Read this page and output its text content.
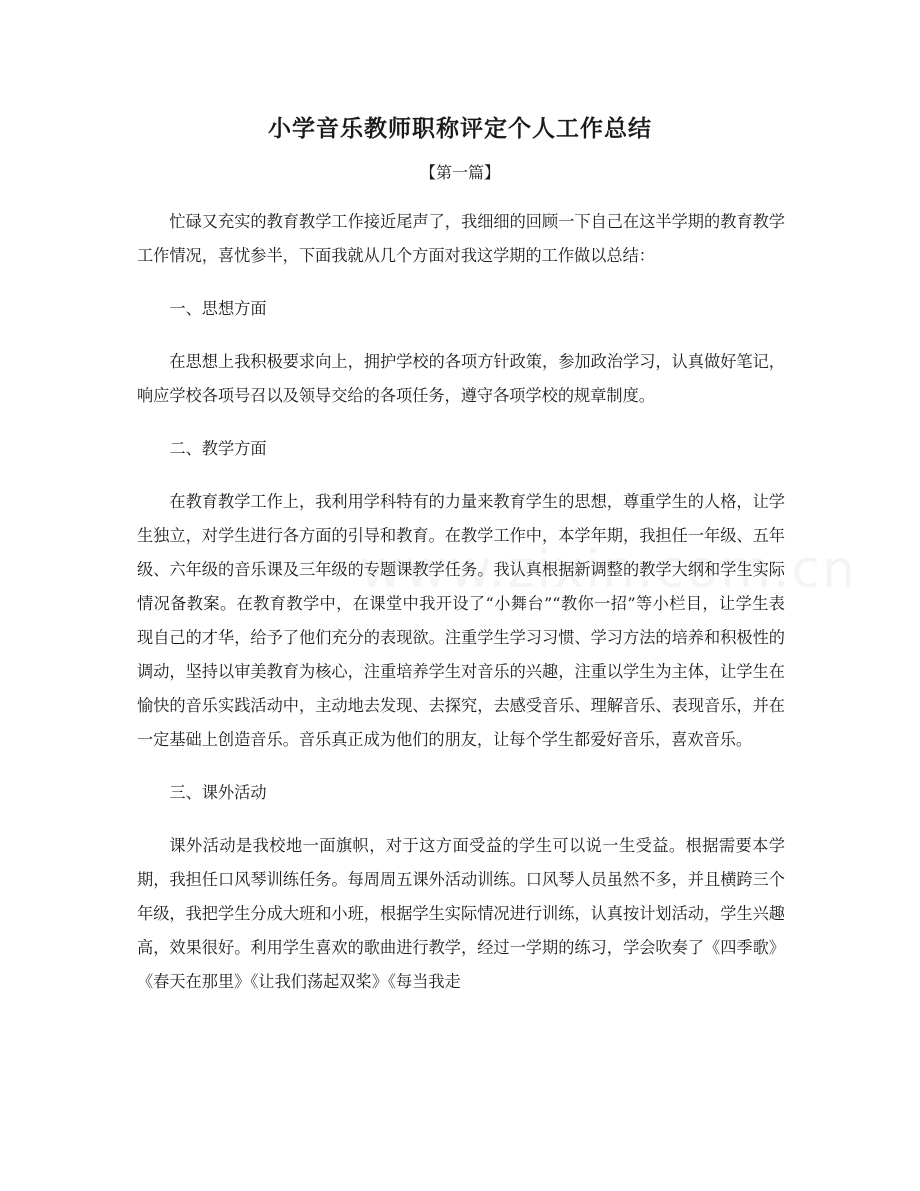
小学音乐教师职称评定个人工作总结
【第一篇】

忙碌又充实的教育教学工作接近尾声了，我细细的回顾一下自己在这半学期的教育教学工作情况，喜忧参半，下面我就从几个方面对我这学期的工作做以总结：

一、思想方面

在思想上我积极要求向上，拥护学校的各项方针政策，参加政治学习，认真做好笔记，响应学校各项号召以及领导交给的各项任务，遵守各项学校的规章制度。

二、教学方面

在教育教学工作上，我利用学科特有的力量来教育学生的思想，尊重学生的人格，让学生独立，对学生进行各方面的引导和教育。在教学工作中，本学年期，我担任一年级、五年级、六年级的音乐课及三年级的专题课教学任务。我认真根据新调整的教学大纲和学生实际情况备教案。在教育教学中，在课堂中我开设了“小舞台”“教你一招”等小栏目，让学生表现自己的才华，给予了他们充分的表现欲。注重学生学习习惯、学习方法的培养和积极性的调动，坚持以审美教育为核心，注重培养学生对音乐的兴趣，注重以学生为主体，让学生在愉快的音乐实践活动中，主动地去发现、去探究，去感受音乐、理解音乐、表现音乐，并在一定基础上创造音乐。音乐真正成为他们的朋友，让每个学生都爱好音乐，喜欢音乐。

三、课外活动

课外活动是我校地一面旗帜，对于这方面受益的学生可以说一生受益。根据需要本学期，我担任口风琴训练任务。每周周五课外活动训练。口风琴人员虽然不多，并且横跨三个年级，我把学生分成大班和小班，根据学生实际情况进行训练，认真按计划活动，学生兴趣高，效果很好。利用学生喜欢的歌曲进行教学，经过一学期的练习，学会吹奏了《四季歌》《春天在那里》《让我们荡起双桨》《每当我走
